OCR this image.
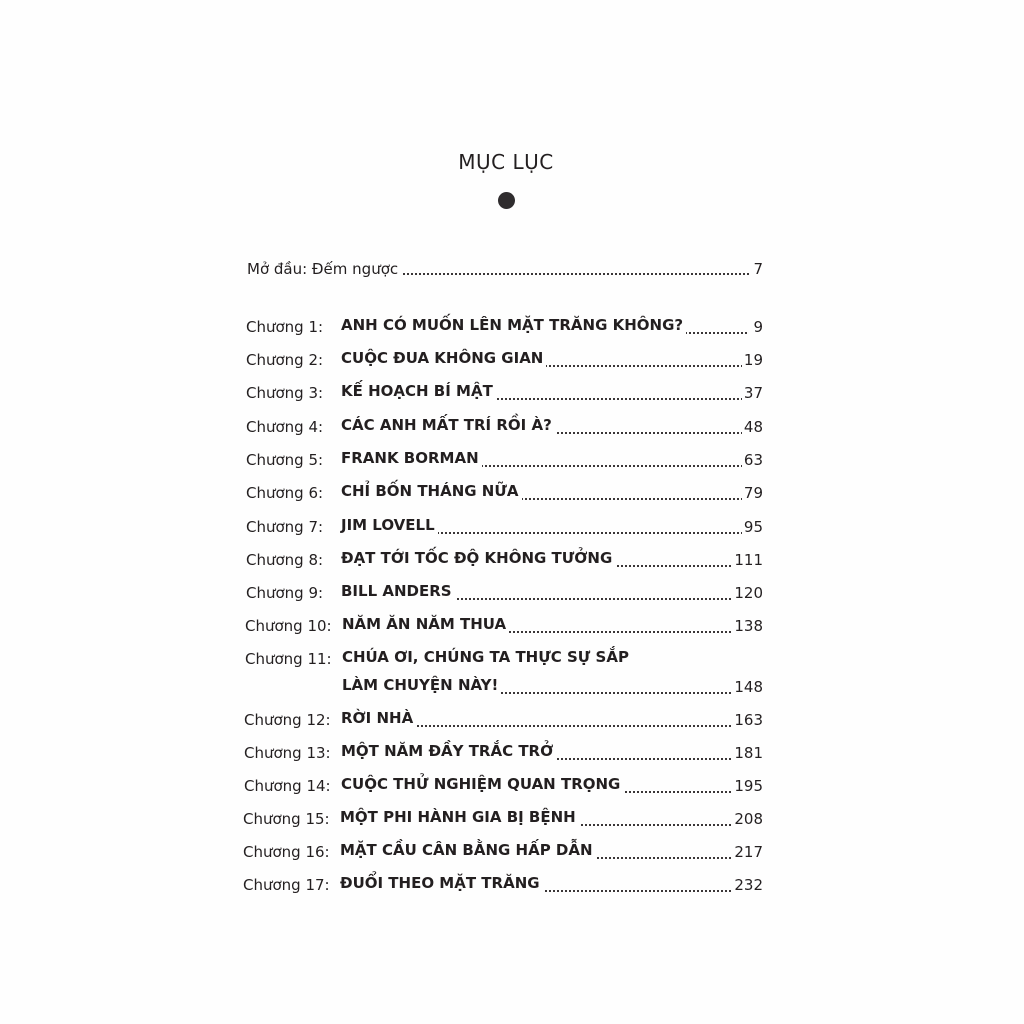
MỤC LỤC
Mở đầu: Đếm ngược	7
Chương 1: ANH CÓ MUỐN LÊN MẶT TRĂNG KHÔNG?	9
Chương 2: CUỘC ĐUA KHÔNG GIAN	19
Chương 3: KẾ HOẠCH BÍ MẬT	37
Chương 4: CÁC ANH MẤT TRÍ RỒI À?	48
Chương 5: FRANK BORMAN	63
Chương 6: CHỈ BỐN THÁNG NỮA	79
Chương 7: JIM LOVELL	95
Chương 8: ĐẠT TỚI TỐC ĐỘ KHÔNG TƯỞNG	111
Chương 9: BILL ANDERS	120
Chương 10: NĂM ĂN NĂM THUA	138
Chương 11: CHÚA ƠI, CHÚNG TA THỰC SỰ SẮP
LÀM CHUYỆN NÀY!	148
Chương 12: RỜI NHÀ	163
Chương 13: MỘT NĂM ĐẦY TRẮC TRỞ	181
Chương 14: CUỘC THỬ NGHIỆM QUAN TRỌNG	195
Chương 15: MỘT PHI HÀNH GIA BỊ BỆNH	208
Chương 16: MẶT CẦU CÂN BẰNG HẤP DẪN	217
Chương 17: ĐUỔI THEO MẶT TRĂNG	232
